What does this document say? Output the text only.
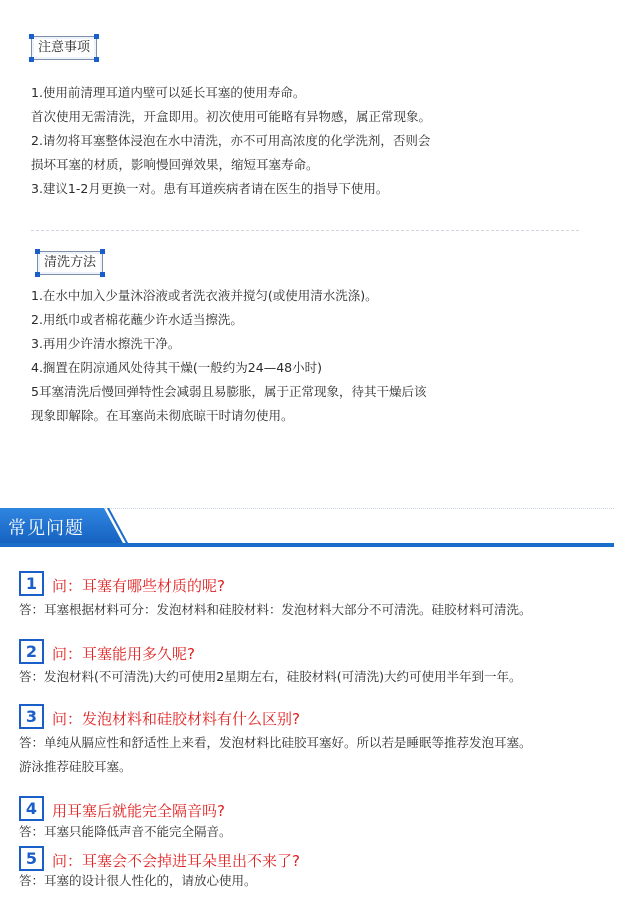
注意事项
1.使用前清理耳道内壁可以延长耳塞的使用寿命。
首次使用无需清洗，开盒即用。初次使用可能略有异物感，属正常现象。
2.请勿将耳塞整体浸泡在水中清洗，亦不可用高浓度的化学洗剂，否则会
损坏耳塞的材质，影响慢回弹效果，缩短耳塞寿命。
3.建议1-2月更换一对。患有耳道疾病者请在医生的指导下使用。
清洗方法
1.在水中加入少量沐浴液或者洗衣液并搅匀(或使用清水洗涤)。
2.用纸巾或者棉花蘸少许水适当擦洗。
3.再用少许清水擦洗干净。
4.搁置在阴凉通风处待其干燥(一般约为24—48小时)
5耳塞清洗后慢回弹特性会减弱且易膨胀，属于正常现象，待其干燥后该
现象即解除。在耳塞尚未彻底晾干时请勿使用。
常见问题
1 问：耳塞有哪些材质的呢?
答：耳塞根据材料可分：发泡材料和硅胶材料：发泡材料大部分不可清洗。硅胶材料可清洗。
2 问：耳塞能用多久呢?
答：发泡材料(不可清洗)大约可使用2星期左右，硅胶材料(可清洗)大约可使用半年到一年。
3 问：发泡材料和硅胶材料有什么区别?
答：单纯从膈应性和舒适性上来看，发泡材料比硅胶耳塞好。所以若是睡眠等推荐发泡耳塞。
游泳推荐硅胶耳塞。
4 用耳塞后就能完全隔音吗?
答：耳塞只能降低声音不能完全隔音。
5 问：耳塞会不会掉进耳朵里出不来了?
答：耳塞的设计很人性化的，请放心使用。
